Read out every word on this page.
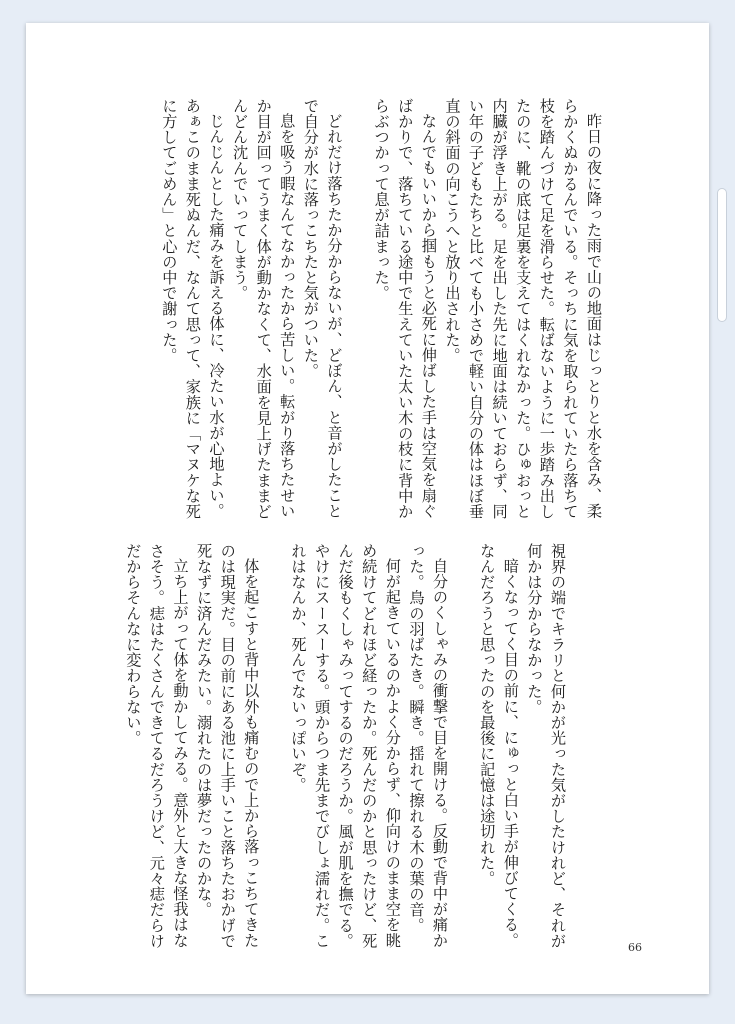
昨日の夜に降った雨で山の地面はじっとりと水を含み、柔らかくぬかるんでいる。そっちに気を取られていたら落ちて枝を踏んづけて足を滑らせた。転ばないように一歩踏み出したのに、靴の底は足裏を支えてはくれなかった。ひゅおっと内臓が浮き上がる。足を出した先に地面は続いておらず、同い年の子どもたちと比べても小さめで軽い自分の体はほぼ垂直の斜面の向こうへと放り出された。

なんでもいいから掴もうと必死に伸ばした手は空気を扇ぐばかりで、落ちている途中で生えていた太い木の枝に背中からぶつかって息が詰まった。

どれだけ落ちたか分からないが、どぼん、と音がしたことで自分が水に落っこちたと気がついた。

息を吸う暇なんてなかったから苦しい。転がり落ちたせいか目が回ってうまく体が動かなくて、水面を見上げたままどんどん沈んでいってしまう。

じんじんとした痛みを訴える体に、冷たい水が心地よい。あぁこのまま死ぬんだ、なんて思って、家族に「マヌケな死に方してごめん」と心の中で謝った。

視界の端でキラリと何かが光った気がしたけれど、それが何かは分からなかった。

暗くなってく目の前に、にゅっと白い手が伸びてくる。なんだろうと思ったのを最後に記憶は途切れた。

自分のくしゃみの衝撃で目を開ける。反動で背中が痛かった。鳥の羽ばたき。瞬き。揺れて擦れる木の葉の音。

何が起きているのかよく分からず、仰向けのまま空を眺め続けてどれほど経ったか。死んだのかと思ったけど、死んだ後もくしゃみってするのだろうか。風が肌を撫でる。やけにスースーする。頭からつま先までびしょ濡れだ。これはなんか、死んでないっぽいぞ。

体を起こすと背中以外も痛むので上から落っこちてきたのは現実だ。目の前にある池に上手いこと落ちたおかげで死なずに済んだみたい。溺れたのは夢だったのかな。

立ち上がって体を動かしてみる。意外と大きな怪我はなさそう。痣はたくさんできてるだろうけど、元々痣だらけだからそんなに変わらない。

66
